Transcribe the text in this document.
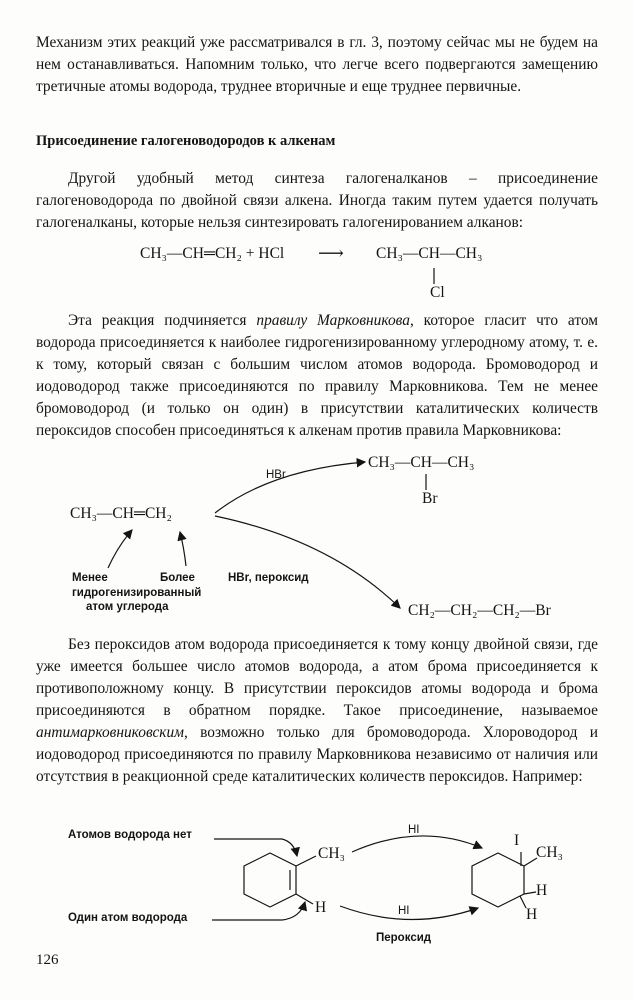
Механизм этих реакций уже рассматривался в гл. 3, поэтому сейчас мы не будем на нем останавливаться. Напомним только, что легче всего подвергаются замещению третичные атомы водорода, труднее вторичные и еще труднее первичные.
Присоединение галогеноводородов к алкенам

Другой удобный метод синтеза галогеналканов – присоединение галогеноводорода по двойной связи алкена. Иногда таким путем удается получать галогеналканы, которые нельзя синтезировать галогенированием алканов:

CH₃—CH═CH₂ + HCl ⟶ CH₃—CH—CH₃
Cl

Эта реакция подчиняется правилу Марковникова, которое гласит что атом водорода присоединяется к наиболее гидрогенизированному углеродному атому, т. е. к тому, который связан с большим числом атомов водорода. Бромоводород и иодоводород также присоединяются по правилу Марковникова. Тем не менее бромоводород (и только он один) в присутствии каталитических количеств пероксидов способен присоединяться к алкенам против правила Марковникова:

CH₃—CH═CH₂
HBr
CH₃—CH—CH₃
Br
HBr, пероксид
CH₂—CH₂—CH₂—Br
Менее	Более
гидрогенизированный
атом углерода

Без пероксидов атом водорода присоединяется к тому концу двойной связи, где уже имеется большее число атомов водорода, а атом брома присоединяется к противоположному концу. В присутствии пероксидов атомы водорода и брома присоединяются в обратном порядке. Такое присоединение, называемое антимарковниковским, возможно только для бромоводорода. Хлороводород и иодоводород присоединяются по правилу Марковникова независимо от наличия или отсутствия в реакционной среде каталитических количеств пероксидов. Например:

Атомов водорода нет
Один атом водорода
HI
HI
Пероксид
CH₃
H
I
CH₃
H
H
126
